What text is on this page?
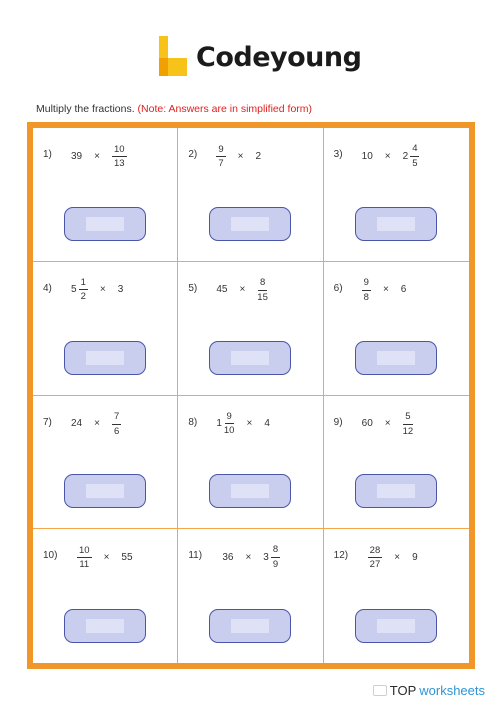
Codeyoung
Multiply the fractions. (Note: Answers are in simplified form)
1) $39 \times \frac{10}{13}$	$2) \frac{9}{7} \times 2$	3) $10 \times 2 \frac{4}{5}$
4) $5 \frac{1}{2} \times 3$	5) $45 \times \frac{8}{15}$	$6) \frac{9}{8} \times 6$
7) $24 \times \frac{7}{6}$	8) $1 \frac{9}{10} \times 4$	9) $60 \times \frac{5}{12}$
$10) \frac{10}{11} \times 55$	11) $36 \times 3 \frac{8}{9}$	$12) \frac{28}{27} \times 9$
TOP worksheets
